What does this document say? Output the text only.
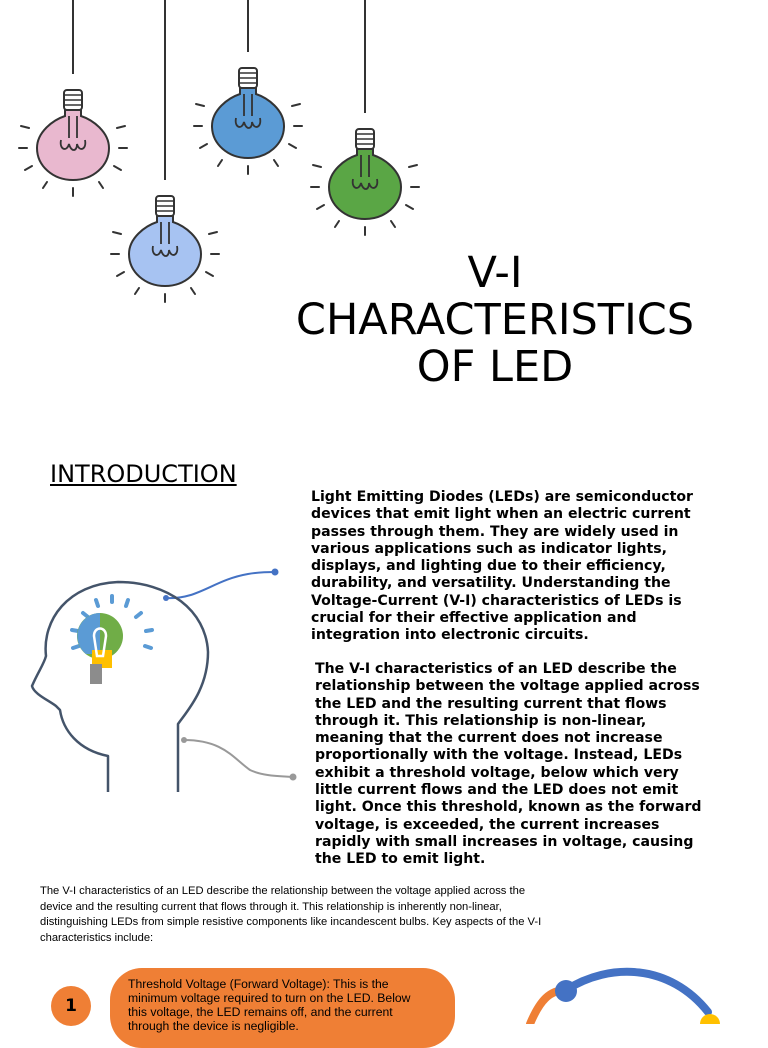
V-I
CHARACTERISTICS
OF LED
INTRODUCTION

Light Emitting Diodes (LEDs) are semiconductor devices that emit light when an electric current passes through them. They are widely used in various applications such as indicator lights, displays, and lighting due to their efficiency, durability, and versatility. Understanding the Voltage-Current (V-I) characteristics of LEDs is crucial for their effective application and integration into electronic circuits.

The V-I characteristics of an LED describe the relationship between the voltage applied across the LED and the resulting current that flows through it. This relationship is non-linear, meaning that the current does not increase proportionally with the voltage. Instead, LEDs exhibit a threshold voltage, below which very little current flows and the LED does not emit light. Once this threshold, known as the forward voltage, is exceeded, the current increases rapidly with small increases in voltage, causing the LED to emit light.

The V-I characteristics of an LED describe the relationship between the voltage applied across the device and the resulting current that flows through it. This relationship is inherently non-linear, distinguishing LEDs from simple resistive components like incandescent bulbs. Key aspects of the V-I characteristics include:

1

Threshold Voltage (Forward Voltage): This is the minimum voltage required to turn on the LED. Below this voltage, the LED remains off, and the current through the device is negligible.
